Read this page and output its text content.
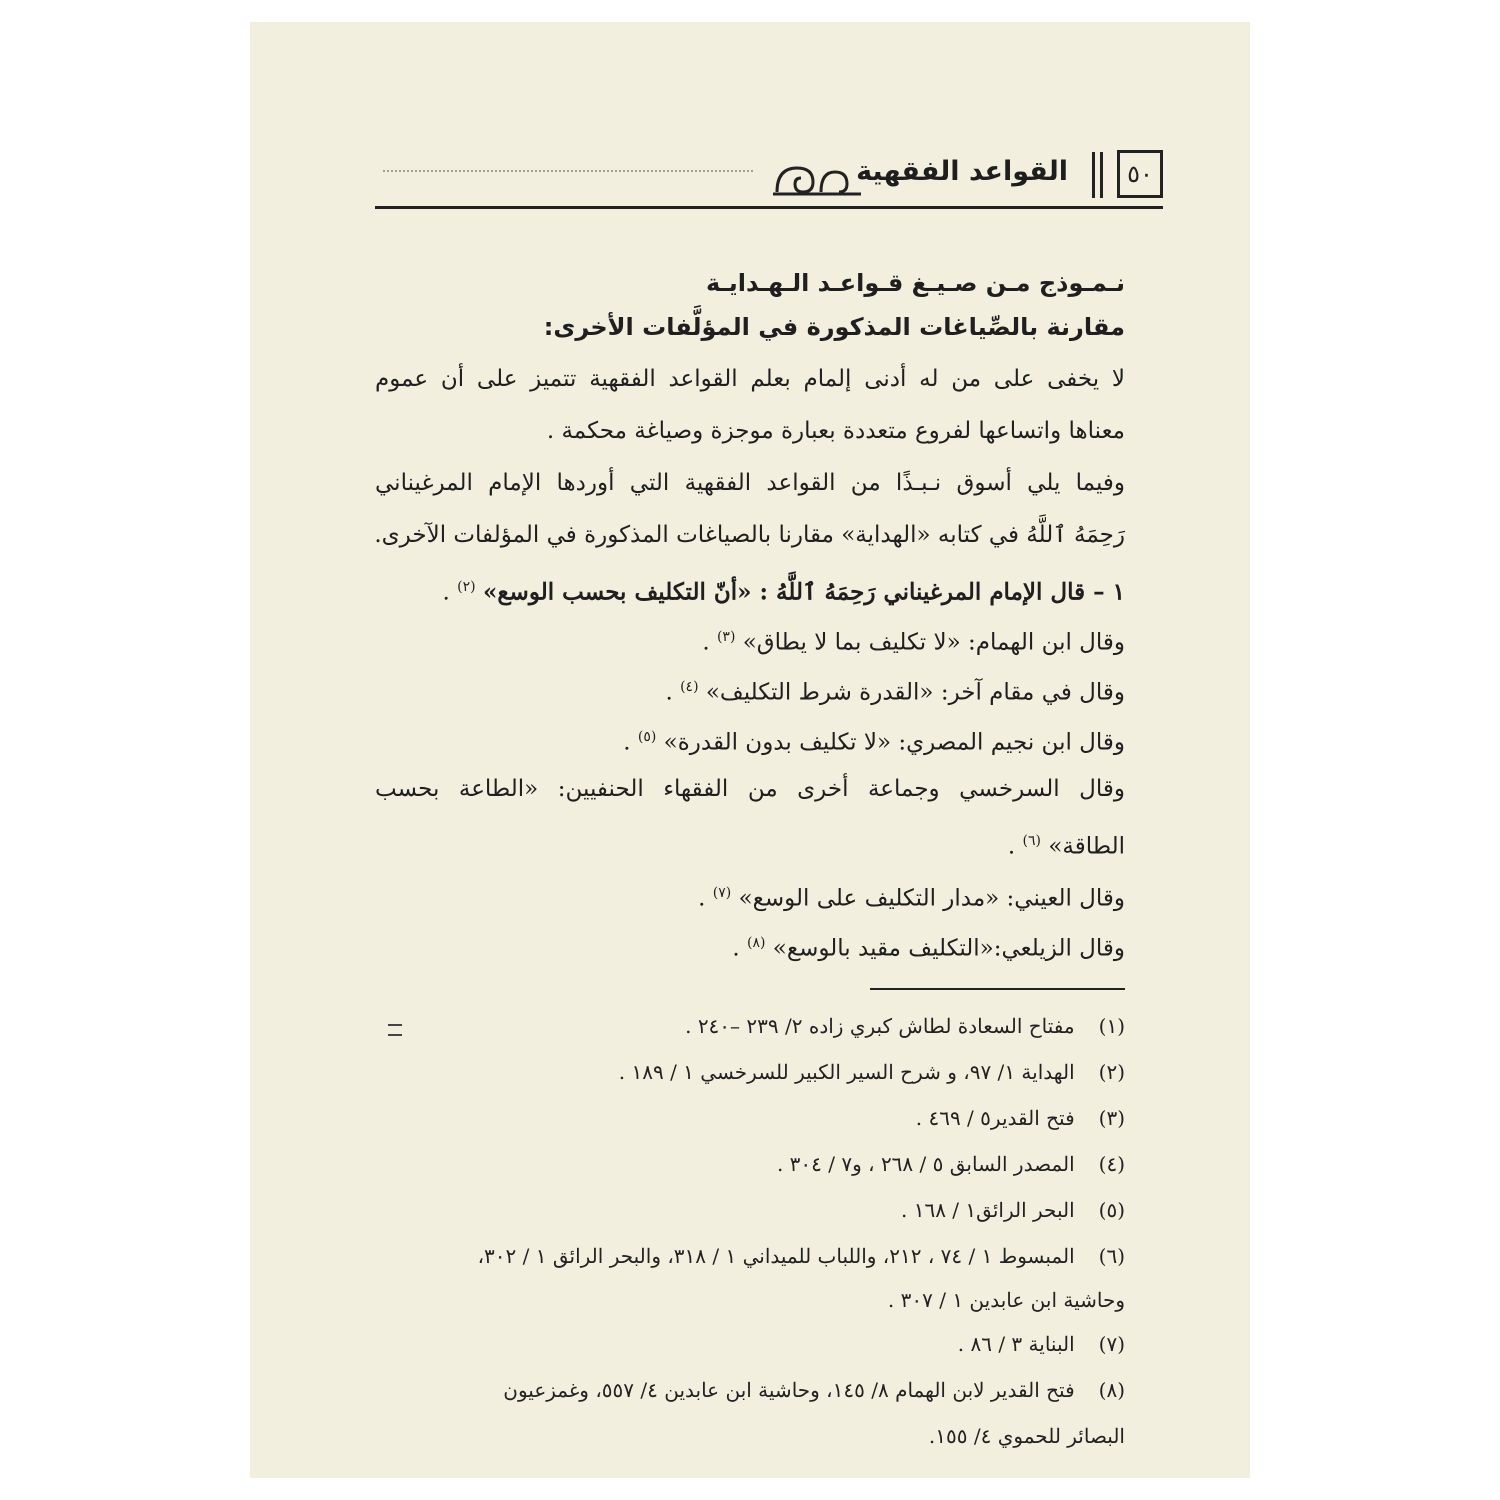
٥٠
القواعد الفقهية
نـمـوذج مـن صـيـغ قـواعـد الـهـدايـة
مقارنة بالصِّياغات المذكورة في المؤلَّفات الأخرى:
لا يخفى على من له أدنى إلمام بعلم القواعد الفقهية تتميز على أن عموم
معناها واتساعها لفروع متعددة بعبارة موجزة وصياغة محكمة .
وفيما يلي أسوق نـبـذًا من القواعد الفقهية التي أوردها الإمام المرغيناني
رَحِمَهُ ٱللَّهُ في كتابه «الهداية» مقارنا بالصياغات المذكورة في المؤلفات الآخرى.
١ – قال الإمام المرغيناني رَحِمَهُ ٱللَّهُ : «أنّ التكليف بحسب الوسع» $^{(٢)}$ .
وقال ابن الهمام: «لا تكليف بما لا يطاق» $^{(٣)}$ .
وقال في مقام آخر: «القدرة شرط التكليف» $^{(٤)}$ .
وقال ابن نجيم المصري: «لا تكليف بدون القدرة» $^{(٥)}$ .
وقال السرخسي وجماعة أخرى من الفقهاء الحنفيين: «الطاعة بحسب
الطاقة» $^{(٦)}$ .
وقال العيني: «مدار التكليف على الوسع» $^{(٧)}$ .
وقال الزيلعي:«التكليف مقيد بالوسع» $^{(٨)}$ .
(١) مفتاح السعادة لطاش كبري زاده ٢/ ٢٣٩ –٢٤٠ .
(٢) الهداية ١/ ٩٧، و شرح السير الكبير للسرخسي ١ / ١٨٩ .
(٣) فتح القدير٥ / ٤٦٩ .
(٤) المصدر السابق ٥ / ٢٦٨ ، و٧ / ٣٠٤ .
(٥) البحر الرائق١ / ١٦٨ .
(٦) المبسوط ١ / ٧٤ ، ٢١٢، واللباب للميداني ١ / ٣١٨، والبحر الرائق ١ / ٣٠٢،
وحاشية ابن عابدين ١ / ٣٠٧ .
(٧) البناية ٣ / ٨٦ .
(٨) فتح القدير لابن الهمام ٨/ ١٤٥، وحاشية ابن عابدين ٤/ ٥٥٧، وغمزعيون
البصائر للحموي ٤/ ١٥٥.
